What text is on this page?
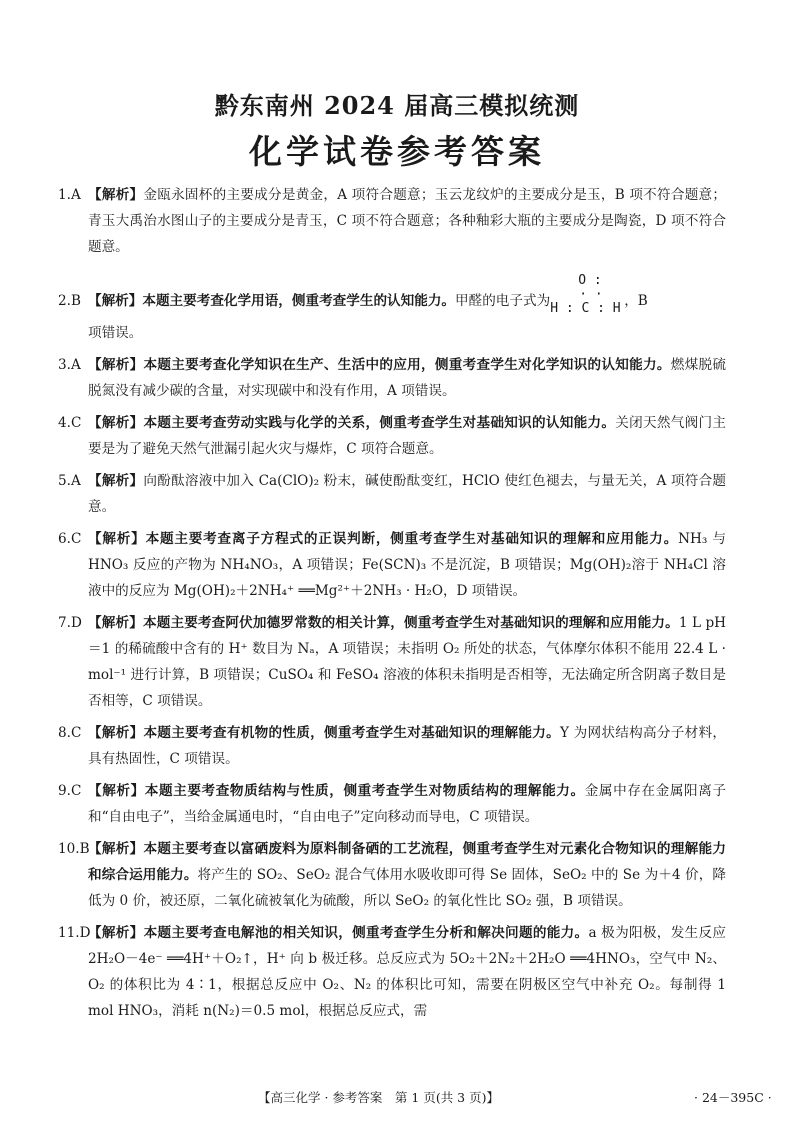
黔东南州 2024 届高三模拟统测
化学试卷参考答案
1.A 【解析】金瓯永固杯的主要成分是黄金，A 项符合题意；玉云龙纹炉的主要成分是玉，B 项不符合题意；青玉大禹治水图山子的主要成分是青玉，C 项不符合题意；各种釉彩大瓶的主要成分是陶瓷，D 项不符合题意。
2.B 【解析】 本题主要考查化学用语，侧重考查学生的认知能力。 甲醛的电子式为
O :
· ·
H : C : H ，B
项错误。
3.A 【解析】本题主要考查化学知识在生产、生活中的应用，侧重考查学生对化学知识的认知能力。燃煤脱硫脱氮没有减少碳的含量，对实现碳中和没有作用，A 项错误。
4.C 【解析】本题主要考查劳动实践与化学的关系，侧重考查学生对基础知识的认知能力。关闭天然气阀门主要是为了避免天然气泄漏引起火灾与爆炸，C 项符合题意。
5.A 【解析】向酚酞溶液中加入 Ca(ClO)₂ 粉末，碱使酚酞变红，HClO 使红色褪去，与量无关，A 项符合题意。
6.C 【解析】本题主要考查离子方程式的正误判断，侧重考查学生对基础知识的理解和应用能力。NH₃ 与 HNO₃ 反应的产物为 NH₄NO₃，A 项错误；Fe(SCN)₃ 不是沉淀，B 项错误；Mg(OH)₂溶于 NH₄Cl 溶液中的反应为 Mg(OH)₂＋2NH₄⁺ ══Mg²⁺＋2NH₃ · H₂O，D 项错误。
7.D 【解析】本题主要考查阿伏加德罗常数的相关计算，侧重考查学生对基础知识的理解和应用能力。1 L pH＝1 的稀硫酸中含有的 H⁺ 数目为 Nₐ，A 项错误；未指明 O₂ 所处的状态，气体摩尔体积不能用 22.4 L · mol⁻¹ 进行计算，B 项错误；CuSO₄ 和 FeSO₄ 溶液的体积未指明是否相等，无法确定所含阴离子数目是否相等，C 项错误。
8.C 【解析】本题主要考查有机物的性质，侧重考查学生对基础知识的理解能力。Y 为网状结构高分子材料，具有热固性，C 项错误。
9.C 【解析】本题主要考查物质结构与性质，侧重考查学生对物质结构的理解能力。金属中存在金属阳离子和“自由电子”，当给金属通电时，“自由电子”定向移动而导电，C 项错误。
10.B
【解析】本题主要考查以富硒废料为原料制备硒的工艺流程，侧重考查学生对元素化合物知识的理解能力和综合运用能力。将产生的 SO₂、SeO₂ 混合气体用水吸收即可得 Se 固体，SeO₂ 中的 Se 为＋4 价，降低为 0 价，被还原，二氧化硫被氧化为硫酸，所以 SeO₂ 的氧化性比 SO₂ 强，B 项错误。
11.D
【解析】本题主要考查电解池的相关知识，侧重考查学生分析和解决问题的能力。a 极为阳极，发生反应 2H₂O－4e⁻ ══4H⁺＋O₂↑，H⁺ 向 b 极迁移。总反应式为 5O₂＋2N₂＋2H₂O ══4HNO₃，空气中 N₂、O₂ 的体积比为 4∶1，根据总反应中 O₂、N₂ 的体积比可知，需要在阴极区空气中补充 O₂。每制得 1 mol HNO₃，消耗 n(N₂)＝0.5 mol，根据总反应式，需
【高三化学 · 参考答案　第 1 页(共 3 页)】	· 24－395C ·
